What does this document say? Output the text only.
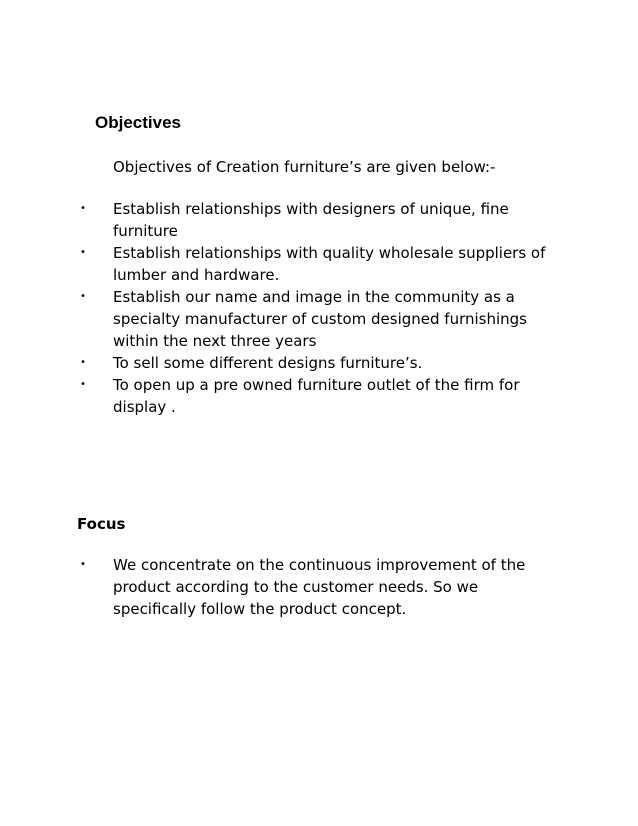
Objectives

Objectives of Creation furniture’s are given below:-

• Establish relationships with designers of unique, fine furniture
• Establish relationships with quality wholesale suppliers of lumber and hardware.
• Establish our name and image in the community as a specialty manufacturer of custom designed furnishings within the next three years
• To sell some different designs furniture’s.
• To open up a pre owned furniture outlet of the firm for display .
Focus
• We concentrate on the continuous improvement of the product according to the customer needs. So we specifically follow the product concept.
